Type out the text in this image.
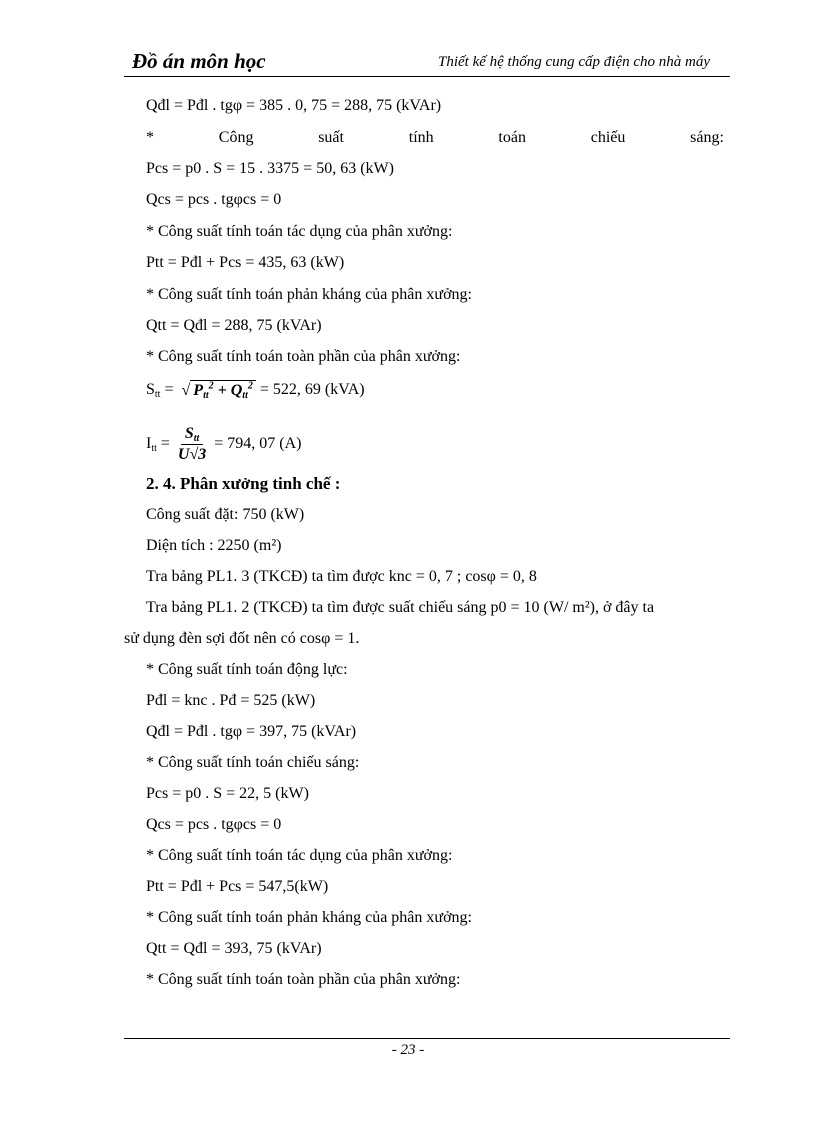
Đồ án môn học	Thiết kế hệ thống cung cấp điện cho nhà máy
Qđl = Pđl . tgφ = 385 . 0, 75 = 288, 75 (kVAr)
*	Công	suất	tính	toán	chiếu	sáng:
Pcs = p0 . S = 15 . 3375 = 50, 63 (kW)
Qcs = pcs . tgφcs = 0
* Công suất tính toán tác dụng của phân xưởng:
Ptt = Pđl + Pcs = 435, 63 (kW)
* Công suất tính toán phản kháng của phân xưởng:
Qtt = Qđl = 288, 75 (kVAr)
* Công suất tính toán toàn phần của phân xưởng:
$S_{tt}$ = √ $P_{tt}^2 + Q_{tt}^2 = 522$, 69 (kVA)
$I_{tt} = \frac{S_{tt}}{U√3} = 794$, 07 (A)
2. 4. Phân xưởng tinh chế :
Công suất đặt: 750 (kW)
Diện tích : 2250 (m²)
Tra bảng PL1. 3 (TKCĐ) ta tìm được knc = 0, 7 ; cosφ = 0, 8
Tra bảng PL1. 2 (TKCĐ) ta tìm được suất chiếu sáng p0 = 10 (W/ m²), ở đây ta
sử dụng đèn sợi đốt nên có cosφ = 1.
* Công suất tính toán động lực:
Pđl = knc . Pđ = 525 (kW)
Qđl = Pđl . tgφ = 397, 75 (kVAr)
* Công suất tính toán chiếu sáng:
Pcs = p0 . S = 22, 5 (kW)
Qcs = pcs . tgφcs = 0
* Công suất tính toán tác dụng của phân xưởng:
Ptt = Pđl + Pcs = 547,5(kW)
* Công suất tính toán phản kháng của phân xưởng:
Qtt = Qđl = 393, 75 (kVAr)
* Công suất tính toán toàn phần của phân xưởng:
- 23 -
